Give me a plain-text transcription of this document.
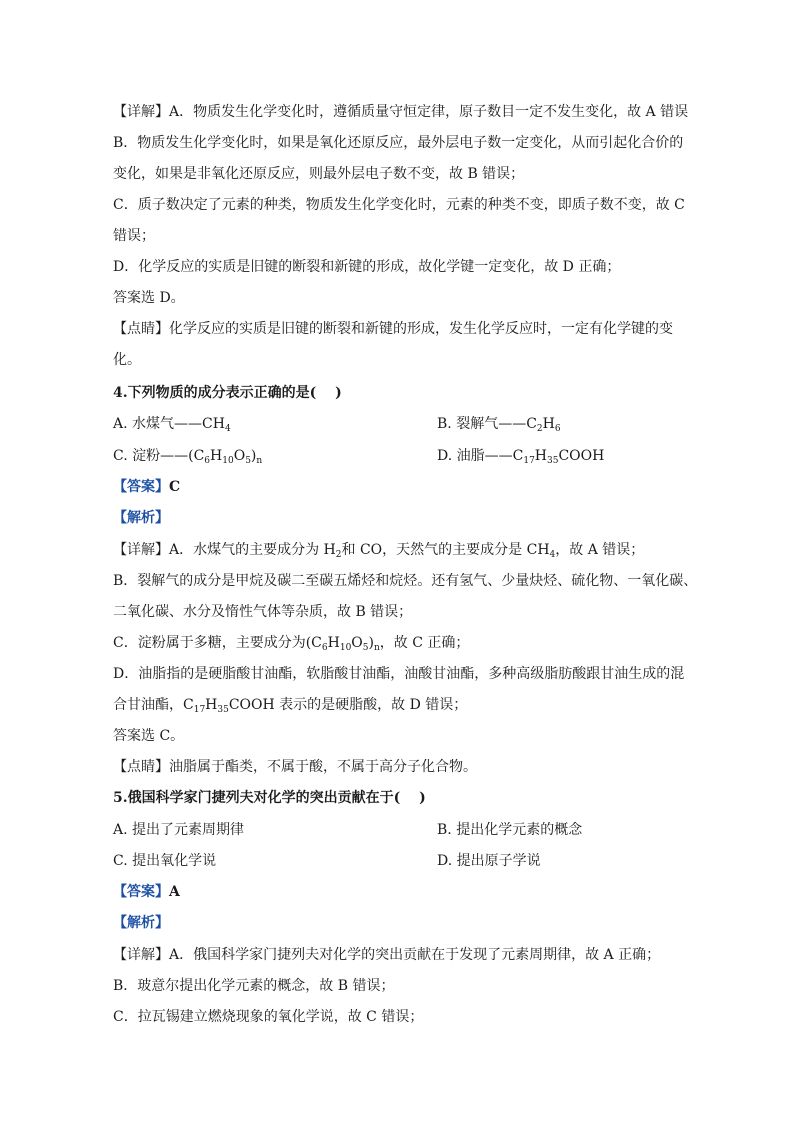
【详解】A．物质发生化学变化时，遵循质量守恒定律，原子数目一定不发生变化，故 A 错误
B．物质发生化学变化时，如果是氧化还原反应，最外层电子数一定变化，从而引起化合价的
变化，如果是非氧化还原反应，则最外层电子数不变，故 B 错误；
C．质子数决定了元素的种类，物质发生化学变化时，元素的种类不变，即质子数不变，故 C
错误；
D．化学反应的实质是旧键的断裂和新键的形成，故化学键一定变化，故 D 正确；
答案选 D。
【点睛】化学反应的实质是旧键的断裂和新键的形成，发生化学反应时，一定有化学键的变
化。
4.下列物质的成分表示正确的是(　 )
A. 水煤气$——CH_4$	B. 裂解气$——C_2H_6$
C. 淀粉$——(C_6H_{10}O_5)_n$	D. 油脂$——C_{17}H_{35}COOH$
【答案】C
【解析】
【详解】A．水煤气的主要成分为 $H_2$和 CO，天然气的主要成分是 $CH_4$，故 A 错误；
B．裂解气的成分是甲烷及碳二至碳五烯烃和烷烃。还有氢气、少量炔烃、硫化物、一氧化碳、
二氧化碳、水分及惰性气体等杂质，故 B 错误；
C．淀粉属于多糖，主要成分为$(C_6H_{10}O_5)_n$，故 C 正确；
D．油脂指的是硬脂酸甘油酯，软脂酸甘油酯，油酸甘油酯，多种高级脂肪酸跟甘油生成的混
合甘油酯，$C_{17}H_{35}COOH$ 表示的是硬脂酸，故 D 错误；
答案选 C。
【点睛】油脂属于酯类，不属于酸，不属于高分子化合物。
5.俄国科学家门捷列夫对化学的突出贡献在于(　 )
A. 提出了元素周期律	B. 提出化学元素的概念
C. 提出氧化学说	D. 提出原子学说
【答案】A
【解析】
【详解】A．俄国科学家门捷列夫对化学的突出贡献在于发现了元素周期律，故 A 正确；
B．玻意尔提出化学元素的概念，故 B 错误；
C．拉瓦锡建立燃烧现象的氧化学说，故 C 错误；
